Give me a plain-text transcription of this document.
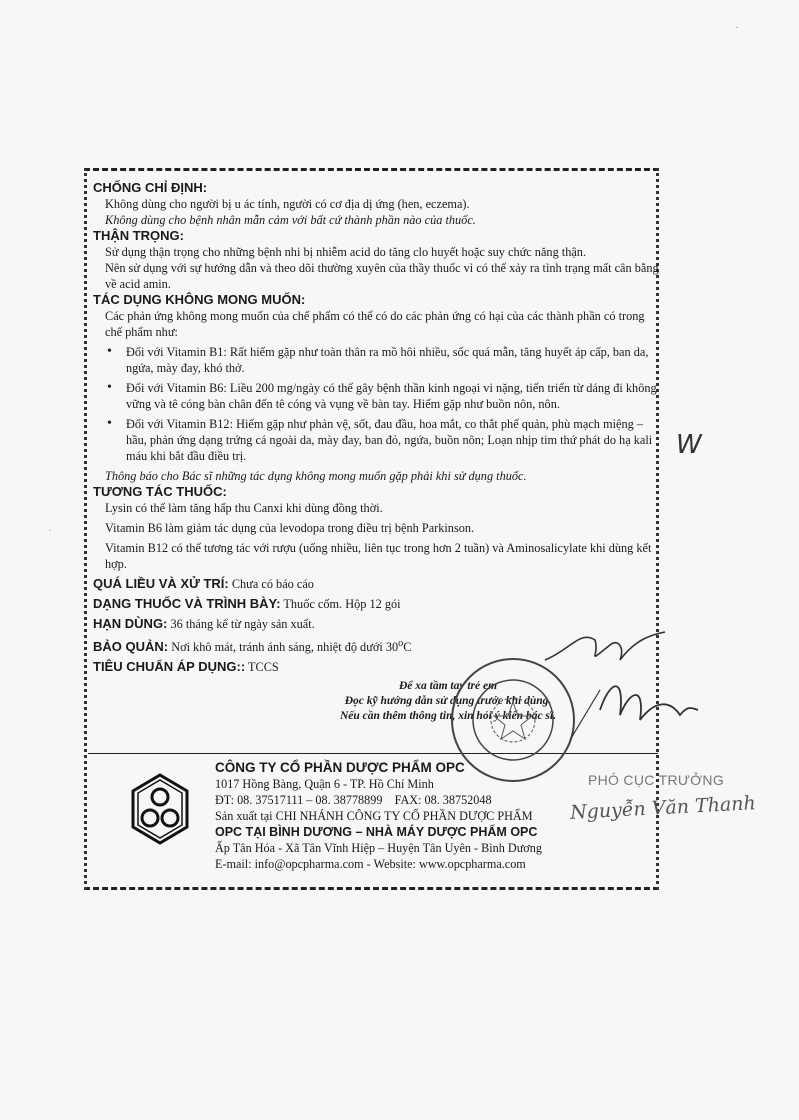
CHỐNG CHỈ ĐỊNH:

Không dùng cho người bị u ác tính, người có cơ địa dị ứng (hen, eczema).

Không dùng cho bệnh nhân mẫn cảm với bất cứ thành phần nào của thuốc.

THẬN TRỌNG:

Sử dụng thận trọng cho những bệnh nhi bị nhiễm acid do tăng clo huyết hoặc suy chức năng thận.

Nên sử dụng với sự hướng dẫn và theo dõi thường xuyên của thầy thuốc vì có thể xảy ra tình trạng mất cân bằng về acid amin.

TÁC DỤNG KHÔNG MONG MUỐN:

Các phản ứng không mong muốn của chế phẩm có thể có do các phản ứng có hại của các thành phần có trong chế phẩm như:

• Đối với Vitamin B1: Rất hiếm gặp như toàn thân ra mồ hôi nhiều, sốc quá mẫn, tăng huyết áp cấp, ban da, ngứa, mày đay, khó thở.

• Đối với Vitamin B6: Liều 200 mg/ngày có thể gây bệnh thần kinh ngoại vi nặng, tiến triển từ dáng đi không vững và tê cóng bàn chân đến tê cóng và vụng về bàn tay. Hiếm gặp như buồn nôn, nôn.

• Đối với Vitamin B12: Hiếm gặp như phản vệ, sốt, đau đầu, hoa mắt, co thắt phế quản, phù mạch miệng – hầu, phản ứng dạng trứng cá ngoài da, mày đay, ban đỏ, ngứa, buồn nôn; Loạn nhịp tim thứ phát do hạ kali máu khi bắt đầu điều trị.

Thông báo cho Bác sĩ những tác dụng không mong muốn gặp phải khi sử dụng thuốc.

TƯƠNG TÁC THUỐC:

Lysin có thể làm tăng hấp thu Canxi khi dùng đồng thời.

Vitamin B6 làm giảm tác dụng của levodopa trong điều trị bệnh Parkinson.

Vitamin B12 có thể tương tác với rượu (uống nhiều, liên tục trong hơn 2 tuần) và Aminosalicylate khi dùng kết hợp.

QUÁ LIỀU VÀ XỬ TRÍ: Chưa có báo cáo
DẠNG THUỐC VÀ TRÌNH BÀY: Thuốc cốm. Hộp 12 gói
HẠN DÙNG: 36 tháng kể từ ngày sản xuất.
BẢO QUẢN: Nơi khô mát, tránh ánh sáng, nhiệt độ dưới 30$^o$C
TIÊU CHUẨN ÁP DỤNG:: TCCS
Để xa tầm tay trẻ em
Đọc kỹ hướng dẫn sử dụng trước khi dùng.
Nếu cần thêm thông tin, xin hỏi ý kiến bác sĩ.
CÔNG TY CỔ PHẦN DƯỢC PHẨM OPC
1017 Hồng Bàng, Quận 6 - TP. Hồ Chí Minh
ĐT: 08. 37517111 – 08. 38778899 FAX: 08. 38752048
Sản xuất tại CHI NHÁNH CÔNG TY CỔ PHẦN DƯỢC PHẨM
OPC TẠI BÌNH DƯƠNG – NHÀ MÁY DƯỢC PHẨM OPC
Ấp Tân Hóa - Xã Tân Vĩnh Hiệp – Huyện Tân Uyên - Bình Dương
E-mail: info@opcpharma.com - Website: www.opcpharma.com
PHÓ CỤC TRƯỞNG
Nguyễn Văn Thanh
W
·
·
